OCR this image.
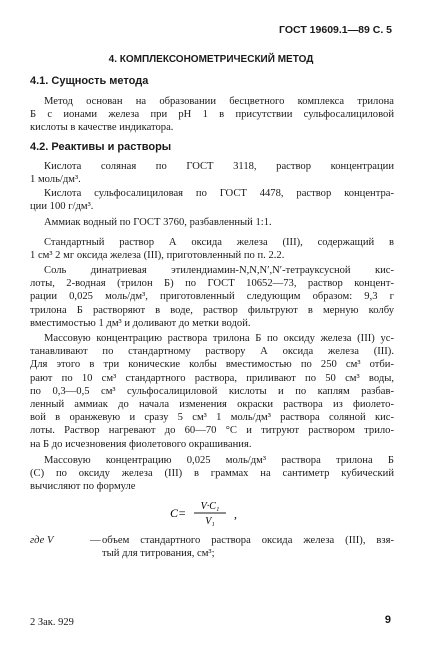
ГОСТ 19609.1—89 С. 5
4. КОМПЛЕКСОНОМЕТРИЧЕСКИЙ МЕТОД
4.1. Сущность метода
Метод основан на образовании бесцветного комплекса трилона
Б с ионами железа при pH 1 в присутствии сульфосалициловой
кислоты в качестве индикатора.
4.2. Реактивы и растворы
Кислота соляная по ГОСТ 3118, раствор концентрации
1 моль/дм³.
Кислота сульфосалициловая по ГОСТ 4478, раствор концентра-
ции 100 г/дм³.
Аммиак водный по ГОСТ 3760, разбавленный 1:1.
Стандартный раствор А оксида железа (III), содержащий в
1 см³ 2 мг оксида железа (III), приготовленный по п. 2.2.
Соль динатриевая этилендиамин-N,N,N′,N′-тетрауксусной кис-
лоты, 2-водная (трилон Б) по ГОСТ 10652—73, раствор концент-
рации 0,025 моль/дм³, приготовленный следующим образом: 9,3 г
трилона Б растворяют в воде, раствор фильтруют в мерную колбу
вместимостью 1 дм³ и доливают до метки водой.
Массовую концентрацию раствора трилона Б по оксиду железа (III) ус-
танавливают по стандартному раствору А оксида железа (III).
Для этого в три конические колбы вместимостью по 250 см³ отби-
рают по 10 см³ стандартного раствора, приливают по 50 см³ воды,
по 0,3—0,5 см³ сульфосалициловой кислоты и по каплям разбав-
ленный аммиак до начала изменения окраски раствора из фиолето-
вой в оранжевую и сразу 5 см³ 1 моль/дм³ раствора соляной кис-
лоты. Раствор нагревают до 60—70 °С и титруют раствором трило-
на Б до исчезновения фиолетового окрашивания.
Массовую концентрацию 0,025 моль/дм³ раствора трилона Б
(С) по оксиду железа (III) в граммах на сантиметр кубический
вычисляют по формуле
C= V·C₁
V₁
,
где V	— объем стандартного раствора оксида железа (III), взя-
тый для титрования, см³;
2 Зак. 929	9
